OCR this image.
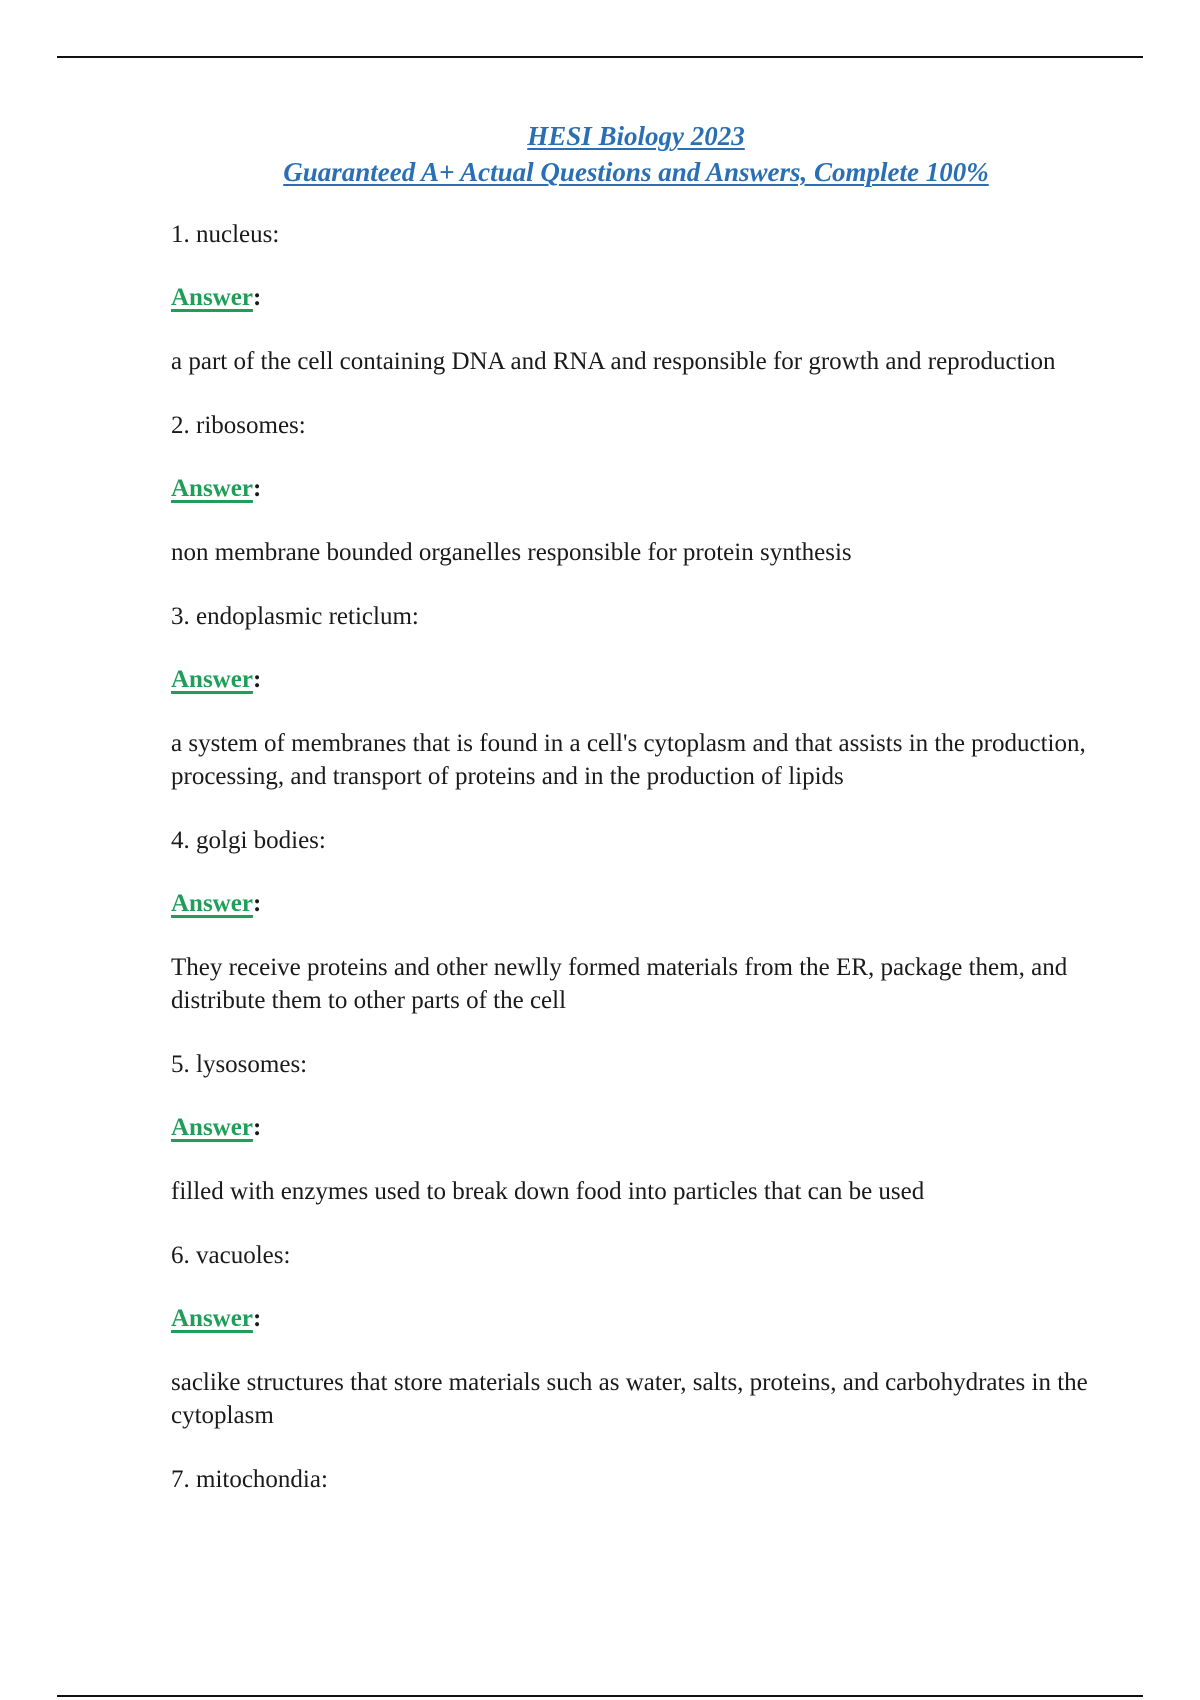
HESI Biology 2023
Guaranteed A+ Actual Questions and Answers, Complete 100%

1. nucleus:

Answer:

a part of the cell containing DNA and RNA and responsible for growth and reproduction

2. ribosomes:

Answer:

non membrane bounded organelles responsible for protein synthesis

3. endoplasmic reticlum:

Answer:

a system of membranes that is found in a cell's cytoplasm and that assists in the production, processing, and transport of proteins and in the production of lipids

4. golgi bodies:

Answer:

They receive proteins and other newlly formed materials from the ER, package them, and distribute them to other parts of the cell

5. lysosomes:

Answer:

filled with enzymes used to break down food into particles that can be used

6. vacuoles:

Answer:

saclike structures that store materials such as water, salts, proteins, and carbohydrates in the cytoplasm

7. mitochondia:
